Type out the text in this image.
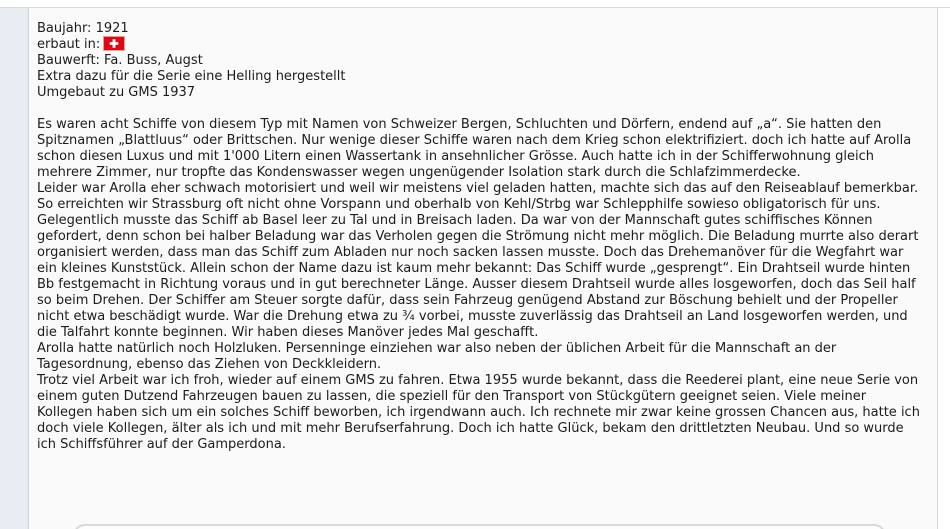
Baujahr: 1921
erbaut in:
Bauwerft: Fa. Buss, Augst
Extra dazu für die Serie eine Helling hergestellt
Umgebaut zu GMS 1937

Es waren acht Schiffe von diesem Typ mit Namen von Schweizer Bergen, Schluchten und Dörfern, endend auf „a“. Sie hatten den Spitznamen „Blattluus“ oder Brittschen. Nur wenige dieser Schiffe waren nach dem Krieg schon elektrifiziert. doch ich hatte auf Arolla schon diesen Luxus und mit 1'000 Litern einen Wassertank in ansehnlicher Grösse. Auch hatte ich in der Schifferwohnung gleich mehrere Zimmer, nur tropfte das Kondenswasser wegen ungenügender Isolation stark durch die Schlafzimmerdecke.

Leider war Arolla eher schwach motorisiert und weil wir meistens viel geladen hatten, machte sich das auf den Reiseablauf bemerkbar. So erreichten wir Strassburg oft nicht ohne Vorspann und oberhalb von Kehl/Strbg war Schlepphilfe sowieso obligatorisch für uns. Gelegentlich musste das Schiff ab Basel leer zu Tal und in Breisach laden. Da war von der Mannschaft gutes schiffisches Können gefordert, denn schon bei halber Beladung war das Verholen gegen die Strömung nicht mehr möglich. Die Beladung murrte also derart organisiert werden, dass man das Schiff zum Abladen nur noch sacken lassen musste. Doch das Drehemanöver für die Wegfahrt war ein kleines Kunststück. Allein schon der Name dazu ist kaum mehr bekannt: Das Schiff wurde „gesprengt“. Ein Drahtseil wurde hinten Bb festgemacht in Richtung voraus und in gut berechneter Länge. Ausser diesem Drahtseil wurde alles losgeworfen, doch das Seil half so beim Drehen. Der Schiffer am Steuer sorgte dafür, dass sein Fahrzeug genügend Abstand zur Böschung behielt und der Propeller nicht etwa beschädigt wurde. War die Drehung etwa zu ¾ vorbei, musste zuverlässig das Drahtseil an Land losgeworfen werden, und die Talfahrt konnte beginnen. Wir haben dieses Manöver jedes Mal geschafft.

Arolla hatte natürlich noch Holzluken. Persenninge einziehen war also neben der üblichen Arbeit für die Mannschaft an der Tagesordnung, ebenso das Ziehen von Deckkleidern.

Trotz viel Arbeit war ich froh, wieder auf einem GMS zu fahren. Etwa 1955 wurde bekannt, dass die Reederei plant, eine neue Serie von einem guten Dutzend Fahrzeugen bauen zu lassen, die speziell für den Transport von Stückgütern geeignet seien. Viele meiner Kollegen haben sich um ein solches Schiff beworben, ich irgendwann auch. Ich rechnete mir zwar keine grossen Chancen aus, hatte ich doch viele Kollegen, älter als ich und mit mehr Berufserfahrung. Doch ich hatte Glück, bekam den drittletzten Neubau. Und so wurde ich Schiffsführer auf der Gamperdona.
